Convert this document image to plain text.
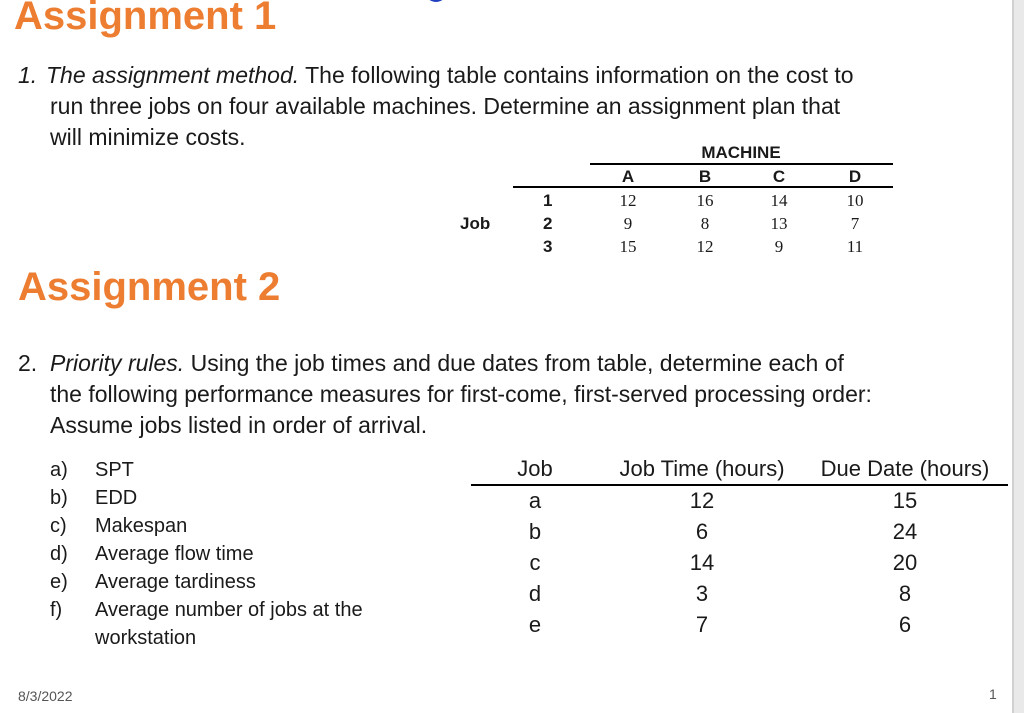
Assignment 1
1. The assignment method. The following table contains information on the cost to
run three jobs on four available machines. Determine an assignment plan that
will minimize costs.
MACHINE
Job
A	B	C	D
1	12	16	14	10
2	9	8	13	7
3	15	12	9	11
Assignment 2
2. Priority rules. Using the job times and due dates from table, determine each of
the following performance measures for first-come, first-served processing order:
Assume jobs listed in order of arrival.
a)	SPT
b)	EDD
c)	Makespan
d)	Average flow time
e)	Average tardiness
f)	Average number of jobs at the
workstation
Job	Job Time (hours)	Due Date (hours)
a	12	15
b	6	24
c	14	20
d	3	8
e	7	6
8/3/2022	1
